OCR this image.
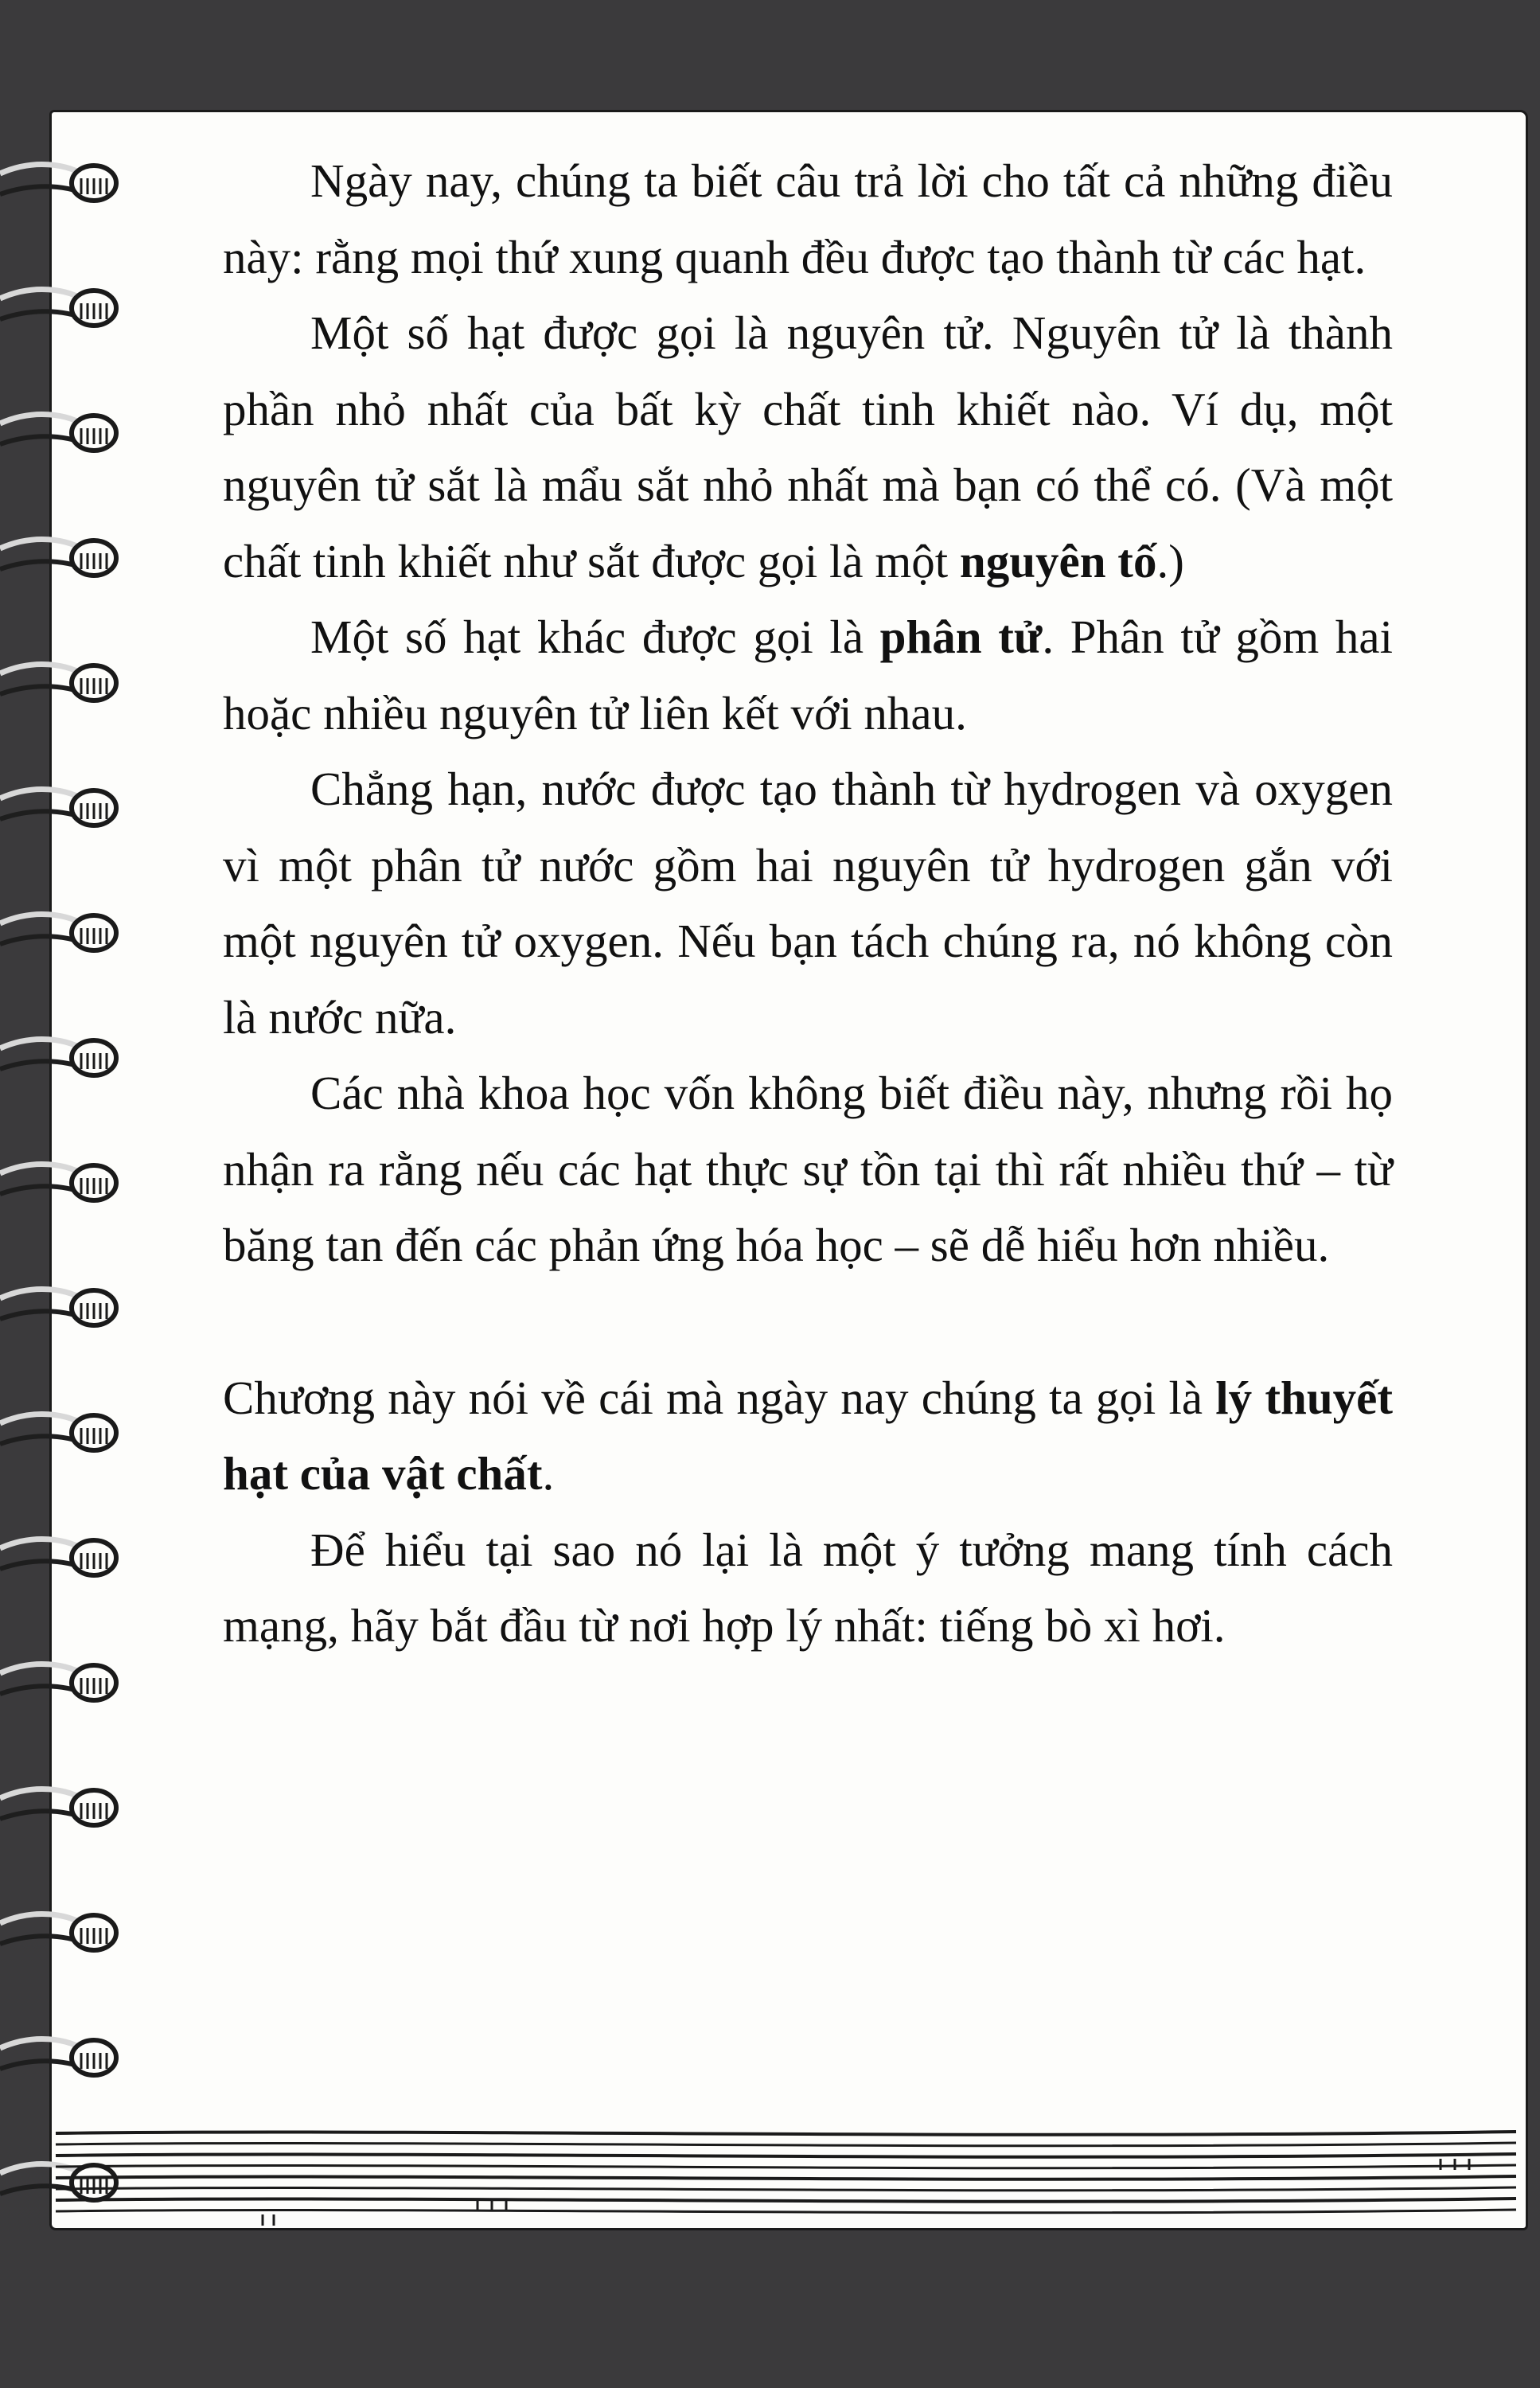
Ngày nay, chúng ta biết câu trả lời cho tất cả những điều này: rằng mọi thứ xung quanh đều được tạo thành từ các hạt.

Một số hạt được gọi là nguyên tử. Nguyên tử là thành phần nhỏ nhất của bất kỳ chất tinh khiết nào. Ví dụ, một nguyên tử sắt là mẩu sắt nhỏ nhất mà bạn có thể có. (Và một chất tinh khiết như sắt được gọi là một nguyên tố.)

Một số hạt khác được gọi là phân tử. Phân tử gồm hai hoặc nhiều nguyên tử liên kết với nhau.

Chẳng hạn, nước được tạo thành từ hydrogen và oxygen vì một phân tử nước gồm hai nguyên tử hydrogen gắn với một nguyên tử oxygen. Nếu bạn tách chúng ra, nó không còn là nước nữa.

Các nhà khoa học vốn không biết điều này, nhưng rồi họ nhận ra rằng nếu các hạt thực sự tồn tại thì rất nhiều thứ – từ băng tan đến các phản ứng hóa học – sẽ dễ hiểu hơn nhiều.

Chương này nói về cái mà ngày nay chúng ta gọi là lý thuyết hạt của vật chất.

Để hiểu tại sao nó lại là một ý tưởng mang tính cách mạng, hãy bắt đầu từ nơi hợp lý nhất: tiếng bò xì hơi.
